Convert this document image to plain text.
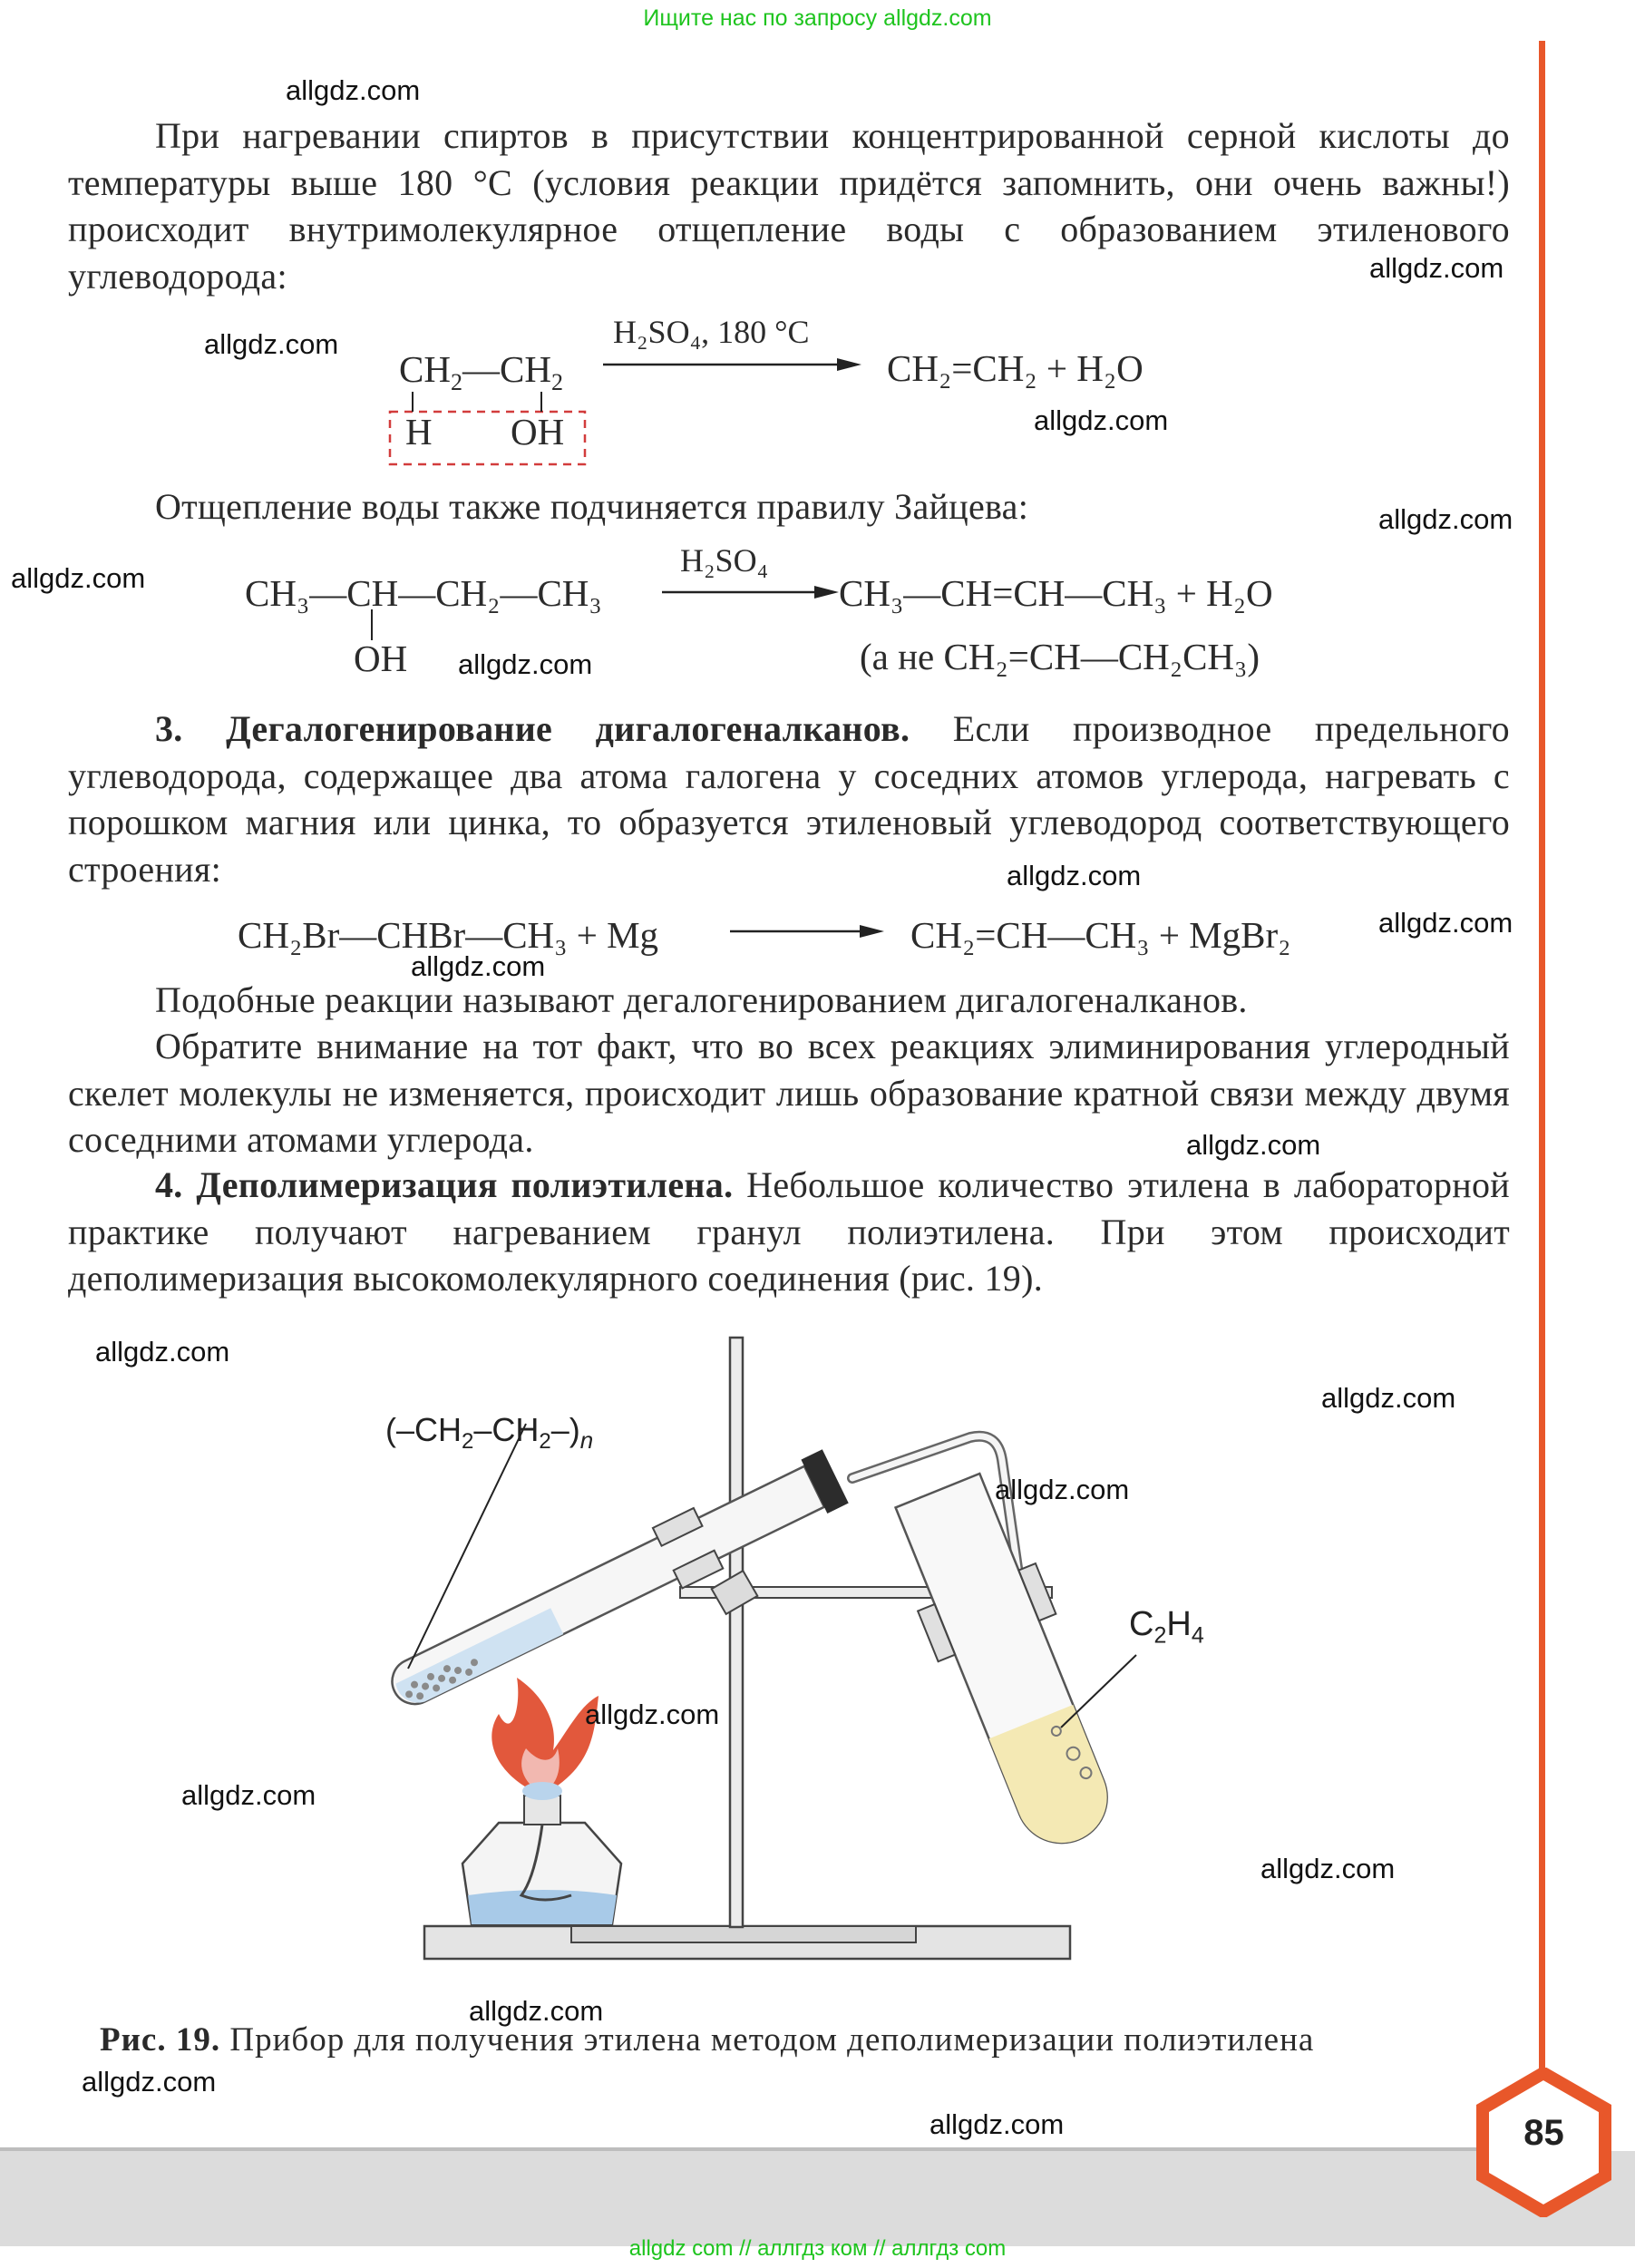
Ищите нас по запросу allgdz.com
При нагревании спиртов в присутствии концентрированной серной кислоты до температуры выше 180 °С (условия реакции придётся запомнить, они очень важны!) происходит внутримолекулярное отщепление воды с образованием этиленового углеводорода:
$CH_2—CH_2$
H OH
H₂SO₄, 180 °C
CH₂=CH₂ + H₂O
Отщепление воды также подчиняется правилу Зайцева:
CH₃—CH—CH₂—CH₃
OH
H₂SO₄
CH₃—CH=CH—CH₃ + H₂O
(а не CH₂=CH—CH₂CH₃)
3. Дегалогенирование дигалогеналканов. Если производное предельного углеводорода, содержащее два атома галогена у соседних атомов углерода, нагревать с порошком магния или цинка, то образуется этиленовый углеводород соответствующего строения:
CH₂Br—CHBr—CH₃ + Mg	CH₂=CH—CH₃ + MgBr₂
Подобные реакции называют дегалогенированием дигалогеналканов.
Обратите внимание на тот факт, что во всех реакциях элиминирования углеродный скелет молекулы не изменяется, происходит лишь образование кратной связи между двумя соседними атомами углерода.
4. Деполимеризация полиэтилена. Небольшое количество этилена в лабораторной практике получают нагреванием гранул полиэтилена. При этом происходит деполимеризация высокомолекулярного соединения (рис. 19).
$(-CH_2-CH_2-)_n$
$C_2H_4$
Рис. 19. Прибор для получения этилена методом деполимеризации полиэтилена
85
allgdz com // аллгдз ком // аллгдз com
allgdz.com
allgdz.com
allgdz.com
allgdz.com
allgdz.com
allgdz.com
allgdz.com
allgdz.com
allgdz.com
allgdz.com
allgdz.com
allgdz.com
allgdz.com
allgdz.com
allgdz.com
allgdz.com
allgdz.com
allgdz.com
allgdz.com
allgdz.com
